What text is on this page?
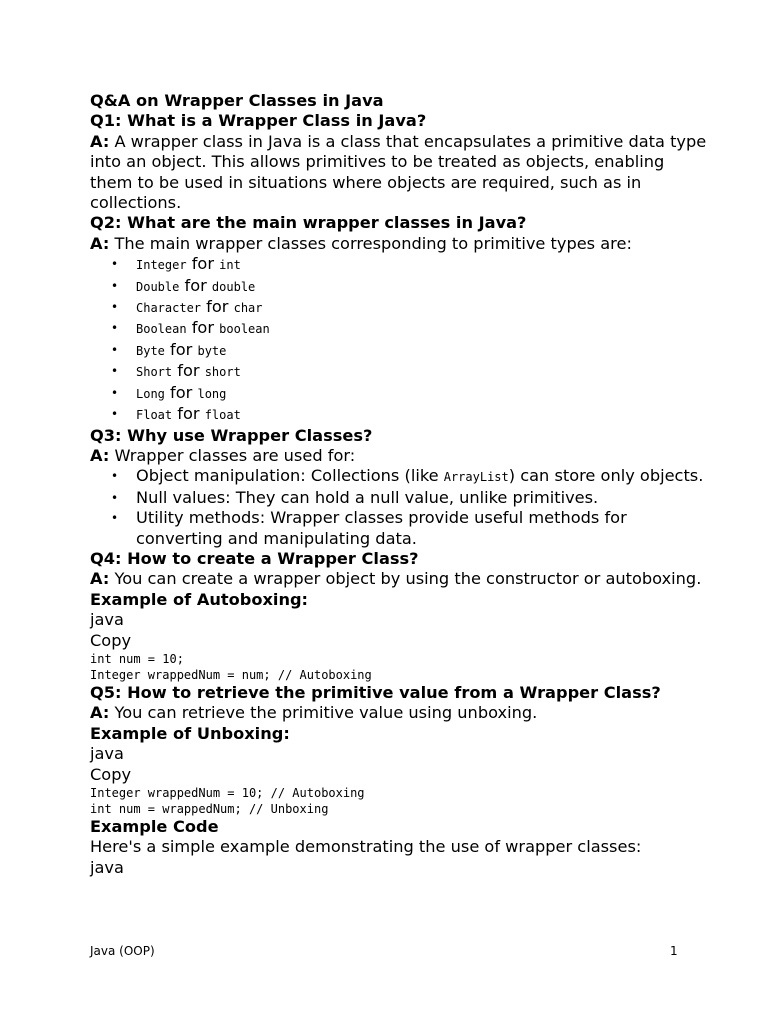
Q&A on Wrapper Classes in Java

Q1: What is a Wrapper Class in Java?

A: A wrapper class in Java is a class that encapsulates a primitive data type into an object. This allows primitives to be treated as objects, enabling them to be used in situations where objects are required, such as in collections.

Q2: What are the main wrapper classes in Java?

A: The main wrapper classes corresponding to primitive types are:

• Integer for int
• Double for double
• Character for char
• Boolean for boolean
• Byte for byte
• Short for short
• Long for long
• Float for float

Q3: Why use Wrapper Classes?

A: Wrapper classes are used for:

• Object manipulation: Collections (like ArrayList) can store only objects.
• Null values: They can hold a null value, unlike primitives.
• Utility methods: Wrapper classes provide useful methods for converting and manipulating data.

Q4: How to create a Wrapper Class?

A: You can create a wrapper object by using the constructor or autoboxing.

Example of Autoboxing:

java

Copy

int num = 10;

Integer wrappedNum = num; // Autoboxing

Q5: How to retrieve the primitive value from a Wrapper Class?

A: You can retrieve the primitive value using unboxing.

Example of Unboxing:

java

Copy

Integer wrappedNum = 10; // Autoboxing

int num = wrappedNum; // Unboxing

Example Code

Here's a simple example demonstrating the use of wrapper classes:

java

Java (OOP)	1
